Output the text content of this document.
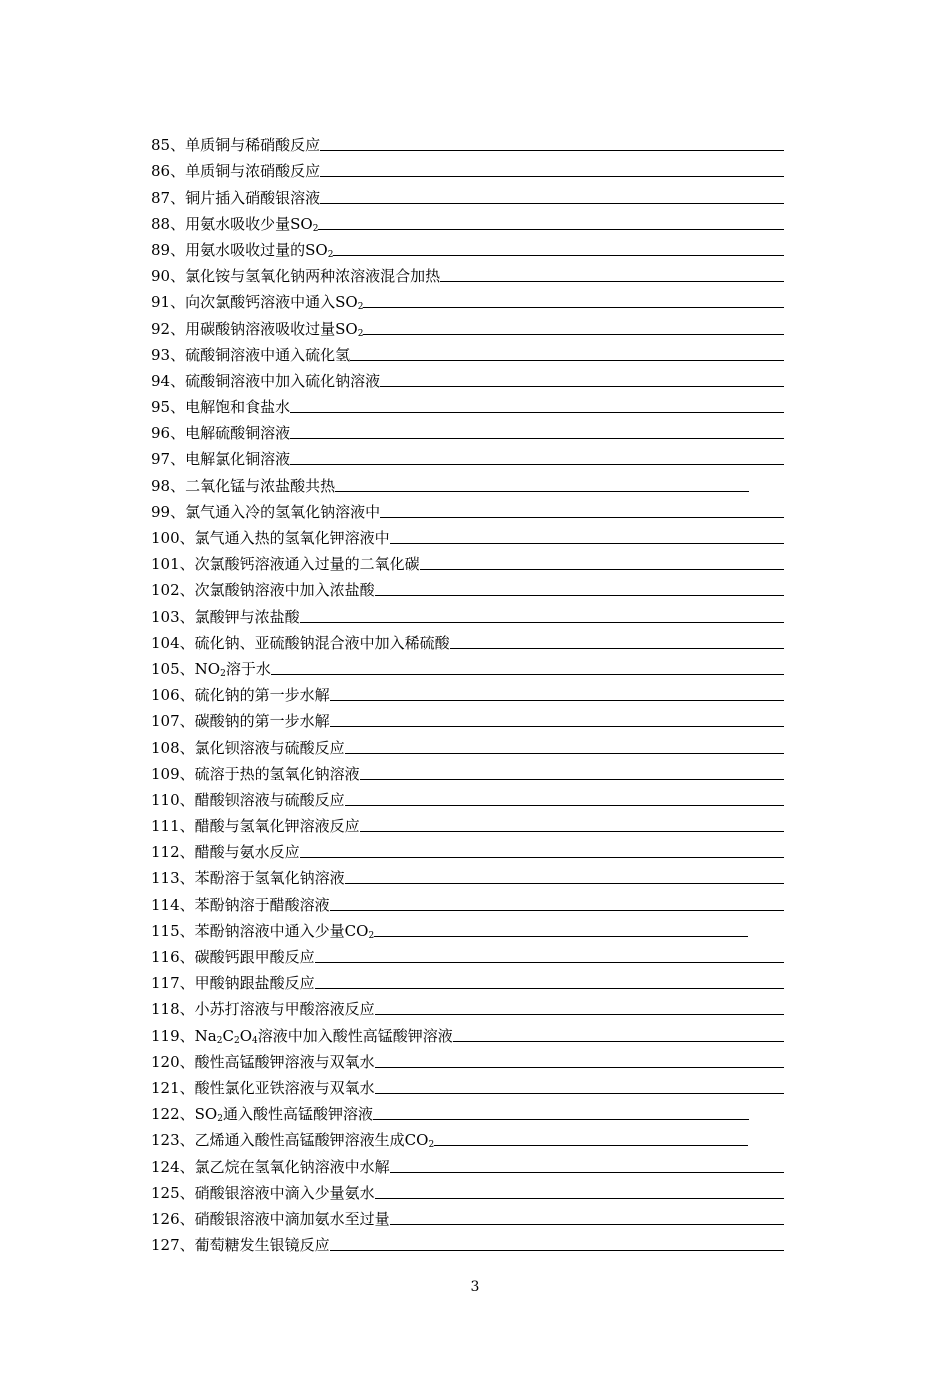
85 、 单质铜与稀硝酸反应
86 、 单质铜与浓硝酸反应
87 、 铜片插入硝酸银溶液
88 、 用氨水吸收少量$SO_2$
89 、 用氨水吸收过量的$SO_2$
90 、 氯化铵与氢氧化钠两种浓溶液混合加热
91 、 向次氯酸钙溶液中通入$SO_2$
92 、 用碳酸钠溶液吸收过量$SO_2$
93 、 硫酸铜溶液中通入硫化氢
94 、 硫酸铜溶液中加入硫化钠溶液
95 、 电解饱和食盐水
96 、 电解硫酸铜溶液
97 、 电解氯化铜溶液
98 、 二氧化锰与浓盐酸共热
99 、 氯气通入冷的氢氧化钠溶液中
100 、 氯气通入热的氢氧化钾溶液中
101 、 次氯酸钙溶液通入过量的二氧化碳
102 、 次氯酸钠溶液中加入浓盐酸
103 、 氯酸钾与浓盐酸
104 、 硫化钠、亚硫酸钠混合液中加入稀硫酸
105 、 $NO_2$溶于水
106 、 硫化钠的第一步水解
107 、 碳酸钠的第一步水解
108 、 氯化钡溶液与硫酸反应
109 、 硫溶于热的氢氧化钠溶液
110 、 醋酸钡溶液与硫酸反应
111 、 醋酸与氢氧化钾溶液反应
112 、 醋酸与氨水反应
113 、 苯酚溶于氢氧化钠溶液
114 、 苯酚钠溶于醋酸溶液
115 、 苯酚钠溶液中通入少量$CO_2$
116 、 碳酸钙跟甲酸反应
117 、 甲酸钠跟盐酸反应
118 、 小苏打溶液与甲酸溶液反应
119 、 $Na_2C_2O_4$溶液中加入酸性高锰酸钾溶液
120 、 酸性高锰酸钾溶液与双氧水
121 、 酸性氯化亚铁溶液与双氧水
122 、 $SO_2$通入酸性高锰酸钾溶液
123 、 乙烯通入酸性高锰酸钾溶液生成$CO_2$
124 、 氯乙烷在氢氧化钠溶液中水解
125 、 硝酸银溶液中滴入少量氨水
126 、 硝酸银溶液中滴加氨水至过量
127 、 葡萄糖发生银镜反应
3
